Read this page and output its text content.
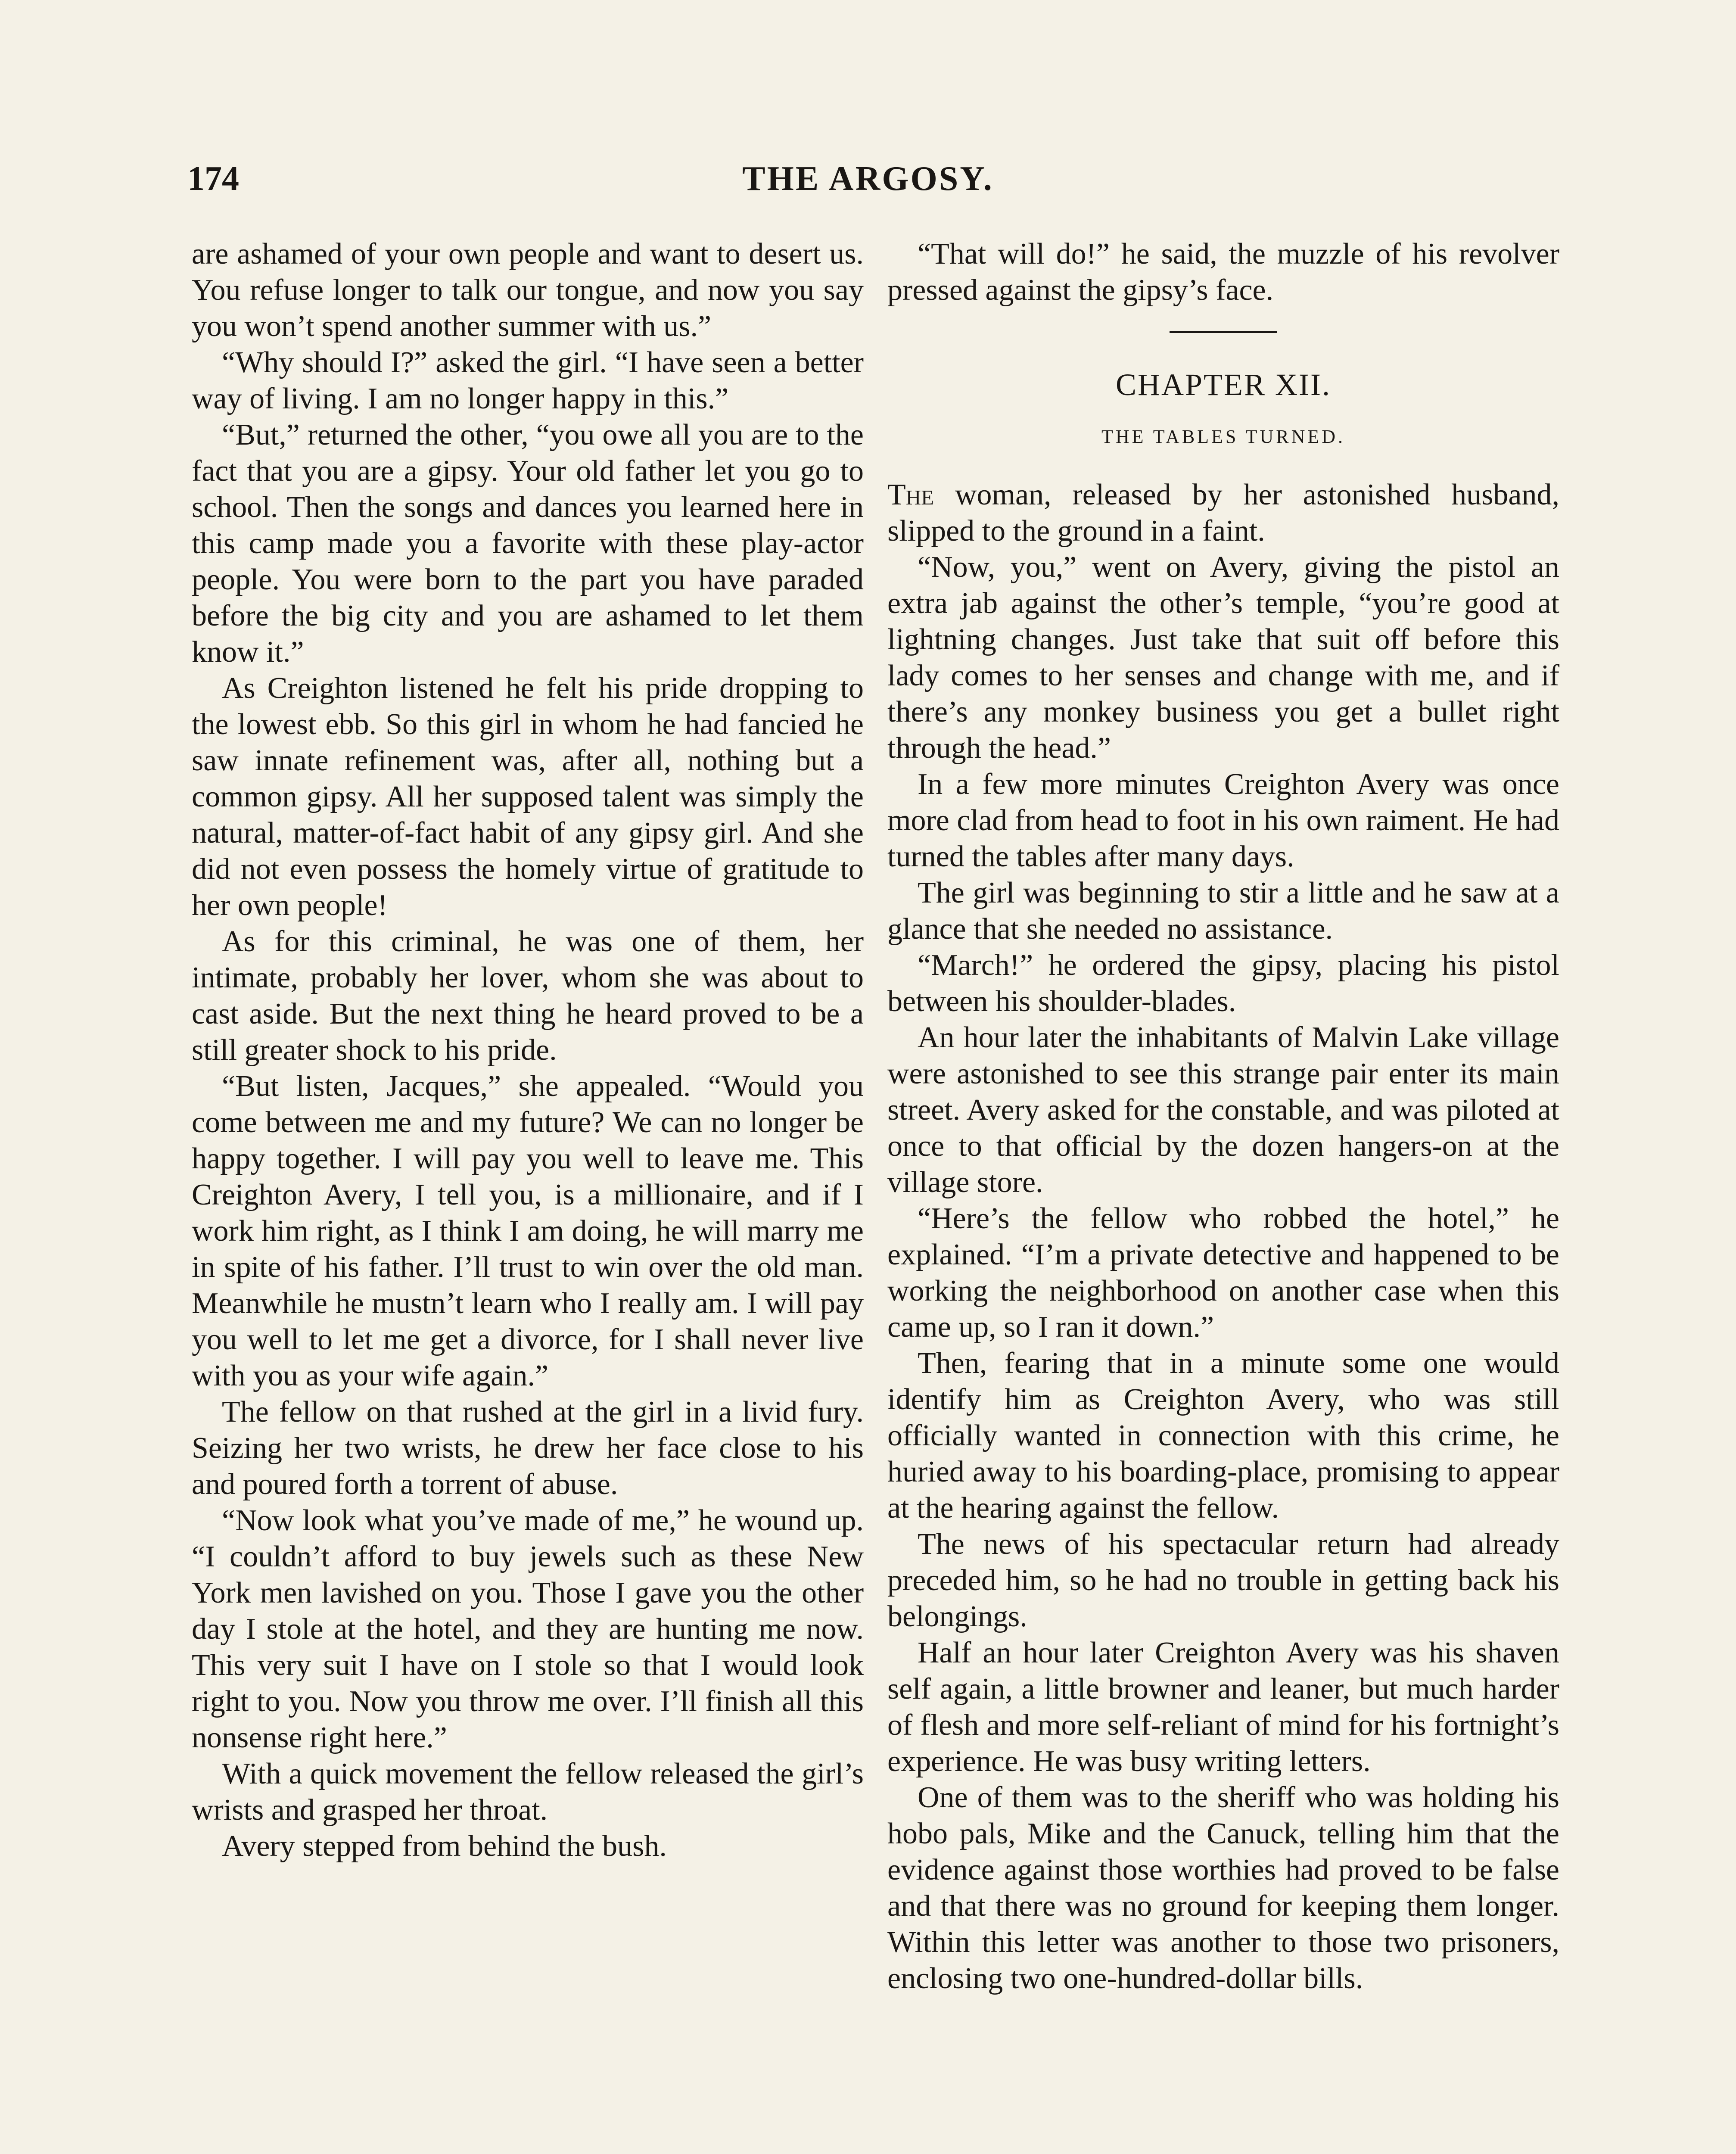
174	THE ARGOSY.

are ashamed of your own people and want to desert us. You refuse longer to talk our tongue, and now you say you won’t spend another summer with us.”

“Why should I?” asked the girl. “I have seen a better way of living. I am no longer happy in this.”

“But,” returned the other, “you owe all you are to the fact that you are a gipsy. Your old father let you go to school. Then the songs and dances you learned here in this camp made you a favorite with these play-actor people. You were born to the part you have paraded before the big city and you are ashamed to let them know it.”

As Creighton listened he felt his pride dropping to the lowest ebb. So this girl in whom he had fancied he saw innate refinement was, after all, nothing but a common gipsy. All her supposed talent was simply the natural, matter-of-fact habit of any gipsy girl. And she did not even possess the homely virtue of gratitude to her own people!

As for this criminal, he was one of them, her intimate, probably her lover, whom she was about to cast aside. But the next thing he heard proved to be a still greater shock to his pride.

“But listen, Jacques,” she appealed. “Would you come between me and my future? We can no longer be happy together. I will pay you well to leave me. This Creighton Avery, I tell you, is a millionaire, and if I work him right, as I think I am doing, he will marry me in spite of his father. I’ll trust to win over the old man. Meanwhile he mustn’t learn who I really am. I will pay you well to let me get a divorce, for I shall never live with you as your wife again.”

The fellow on that rushed at the girl in a livid fury. Seizing her two wrists, he drew her face close to his and poured forth a torrent of abuse.

“Now look what you’ve made of me,” he wound up. “I couldn’t afford to buy jewels such as these New York men lavished on you. Those I gave you the other day I stole at the hotel, and they are hunting me now. This very suit I have on I stole so that I would look right to you. Now you throw me over. I’ll finish all this nonsense right here.”

With a quick movement the fellow released the girl’s wrists and grasped her throat.

Avery stepped from behind the bush.

“That will do!” he said, the muzzle of his revolver pressed against the gipsy’s face.

CHAPTER XII.
THE TABLES TURNED.

The woman, released by her astonished husband, slipped to the ground in a faint.

“Now, you,” went on Avery, giving the pistol an extra jab against the other’s temple, “you’re good at lightning changes. Just take that suit off before this lady comes to her senses and change with me, and if there’s any monkey business you get a bullet right through the head.”

In a few more minutes Creighton Avery was once more clad from head to foot in his own raiment. He had turned the tables after many days.

The girl was beginning to stir a little and he saw at a glance that she needed no assistance.

“March!” he ordered the gipsy, placing his pistol between his shoulder-blades.

An hour later the inhabitants of Malvin Lake village were astonished to see this strange pair enter its main street. Avery asked for the constable, and was piloted at once to that official by the dozen hangers-on at the village store.

“Here’s the fellow who robbed the hotel,” he explained. “I’m a private detective and happened to be working the neighborhood on another case when this came up, so I ran it down.”

Then, fearing that in a minute some one would identify him as Creighton Avery, who was still officially wanted in connection with this crime, he huried away to his boarding-place, promising to appear at the hearing against the fellow.

The news of his spectacular return had already preceded him, so he had no trouble in getting back his belongings.

Half an hour later Creighton Avery was his shaven self again, a little browner and leaner, but much harder of flesh and more self-reliant of mind for his fortnight’s experience. He was busy writing letters.

One of them was to the sheriff who was holding his hobo pals, Mike and the Canuck, telling him that the evidence against those worthies had proved to be false and that there was no ground for keeping them longer. Within this letter was another to those two prisoners, enclosing two one-hundred-dollar bills.
